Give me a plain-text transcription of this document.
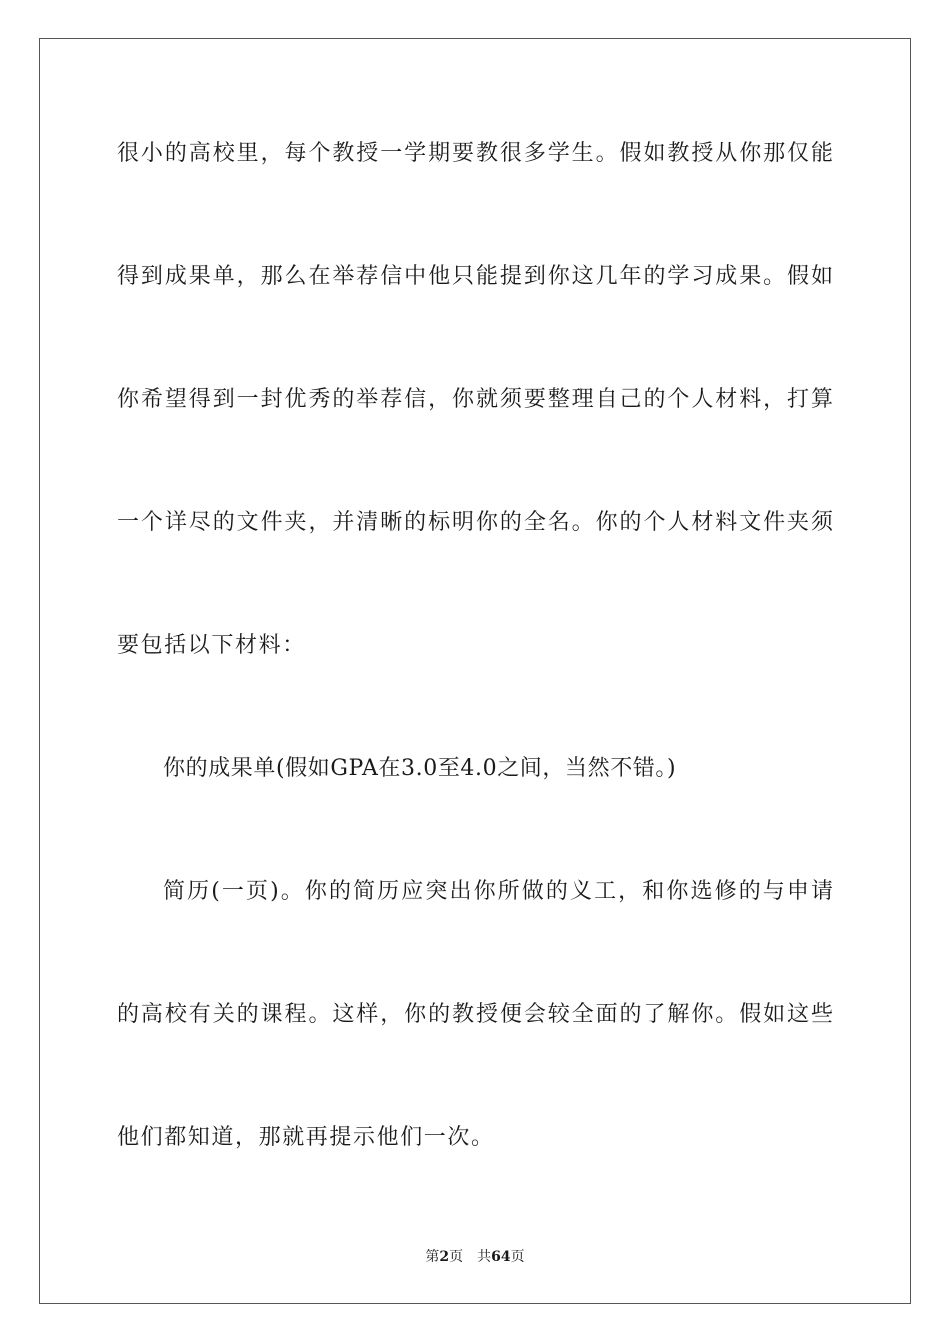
很小的高校里，每个教授一学期要教很多学生。假如教授从你那仅能
得到成果单，那么在举荐信中他只能提到你这几年的学习成果。假如
你希望得到一封优秀的举荐信，你就须要整理自己的个人材料，打算
一个详尽的文件夹，并清晰的标明你的全名。你的个人材料文件夹须
要包括以下材料：
你的成果单(假如GPA在3.0至4.0之间，当然不错。)
简历(一页)。你的简历应突出你所做的义工，和你选修的与申请
的高校有关的课程。这样，你的教授便会较全面的了解你。假如这些
他们都知道，那就再提示他们一次。
第2页 共64页
